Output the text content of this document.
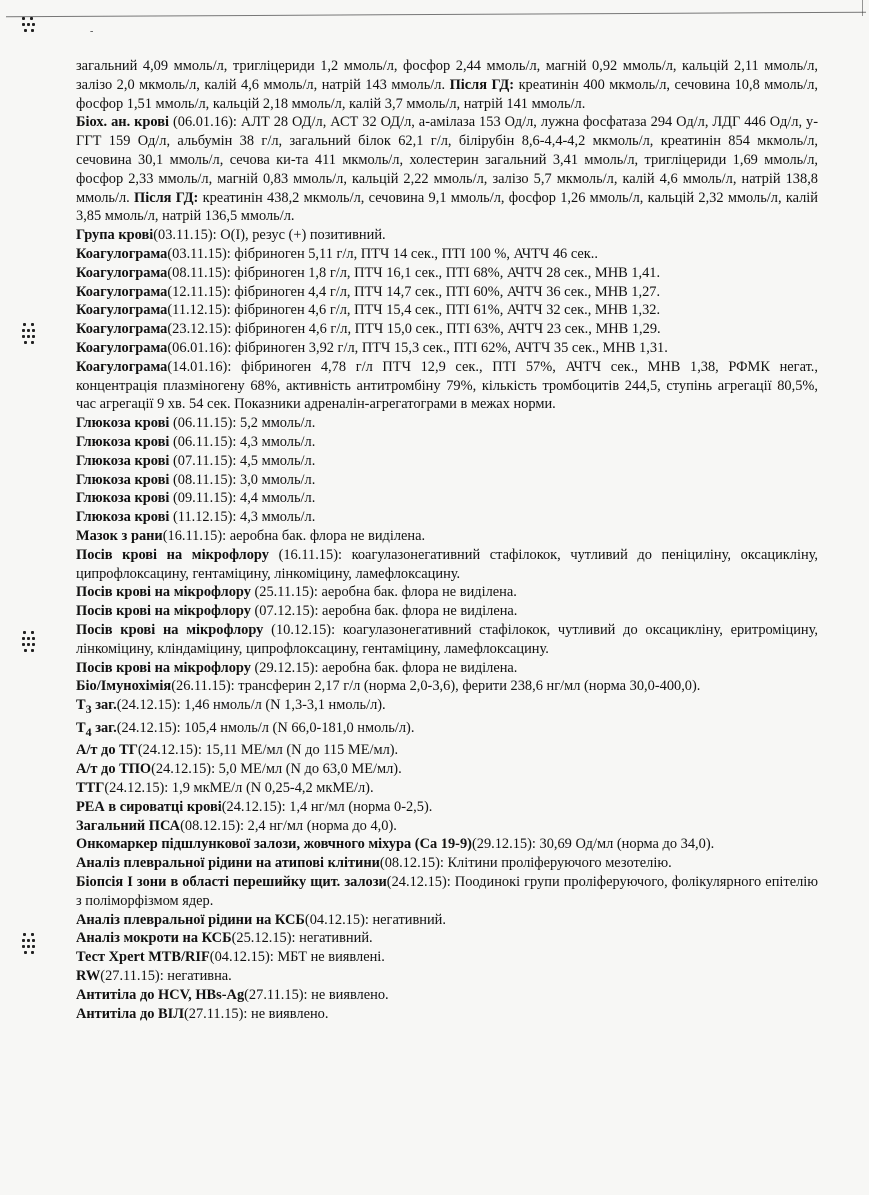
-

загальний 4,09 ммоль/л, тригліцериди 1,2 ммоль/л, фосфор 2,44 ммоль/л, магній 0,92 ммоль/л, кальцій 2,11 ммоль/л, залізо 2,0 мкмоль/л, калій 4,6 ммоль/л, натрій 143 ммоль/л. Після ГД: креатинін 400 мкмоль/л, сечовина 10,8 ммоль/л, фосфор 1,51 ммоль/л, кальцій 2,18 ммоль/л, калій 3,7 ммоль/л, натрій 141 ммоль/л.

Біох. ан. крові (06.01.16): АЛТ 28 ОД/л, АСТ 32 ОД/л, а-амілаза 153 Од/л, лужна фосфатаза 294 Од/л, ЛДГ 446 Од/л, у-ГГТ 159 Од/л, альбумін 38 г/л, загальний білок 62,1 г/л, білірубін 8,6-4,4-4,2 мкмоль/л, креатинін 854 мкмоль/л, сечовина 30,1 ммоль/л, сечова ки-та 411 мкмоль/л, холестерин загальний 3,41 ммоль/л, тригліцериди 1,69 ммоль/л, фосфор 2,33 ммоль/л, магній 0,83 ммоль/л, кальцій 2,22 ммоль/л, залізо 5,7 мкмоль/л, калій 4,6 ммоль/л, натрій 138,8 ммоль/л. Після ГД: креатинін 438,2 мкмоль/л, сечовина 9,1 ммоль/л, фосфор 1,26 ммоль/л, кальцій 2,32 ммоль/л, калій 3,85 ммоль/л, натрій 136,5 ммоль/л.

Група крові(03.11.15): O(I), резус (+) позитивний.

Коагулограма(03.11.15): фібриноген 5,11 г/л, ПТЧ 14 сек., ПТІ 100 %, АЧТЧ 46 сек..

Коагулограма(08.11.15): фібриноген 1,8 г/л, ПТЧ 16,1 сек., ПТІ 68%, АЧТЧ 28 сек., МНВ 1,41.

Коагулограма(12.11.15): фібриноген 4,4 г/л, ПТЧ 14,7 сек., ПТІ 60%, АЧТЧ 36 сек., МНВ 1,27.

Коагулограма(11.12.15): фібриноген 4,6 г/л, ПТЧ 15,4 сек., ПТІ 61%, АЧТЧ 32 сек., МНВ 1,32.

Коагулограма(23.12.15): фібриноген 4,6 г/л, ПТЧ 15,0 сек., ПТІ 63%, АЧТЧ 23 сек., МНВ 1,29.

Коагулограма(06.01.16): фібриноген 3,92 г/л, ПТЧ 15,3 сек., ПТІ 62%, АЧТЧ 35 сек., МНВ 1,31.

Коагулограма(14.01.16): фібриноген 4,78 г/л ПТЧ 12,9 сек., ПТІ 57%, АЧТЧ сек., МНВ 1,38, РФМК негат., концентрація плазміногену 68%, активність антитромбіну 79%, кількість тромбоцитів 244,5, ступінь агрегації 80,5%, час агрегації 9 хв. 54 сек. Показники адреналін-агрегатограми в межах норми.

Глюкоза крові (06.11.15): 5,2 ммоль/л.

Глюкоза крові (06.11.15): 4,3 ммоль/л.

Глюкоза крові (07.11.15): 4,5 ммоль/л.

Глюкоза крові (08.11.15): 3,0 ммоль/л.

Глюкоза крові (09.11.15): 4,4 ммоль/л.

Глюкоза крові (11.12.15): 4,3 ммоль/л.

Мазок з рани(16.11.15): аеробна бак. флора не виділена.

Посів крові на мікрофлору (16.11.15): коагулазонегативний стафілокок, чутливий до пеніциліну, оксацикліну, ципрофлоксацину, гентаміцину, лінкоміцину, ламефлоксацину.

Посів крові на мікрофлору (25.11.15): аеробна бак. флора не виділена.

Посів крові на мікрофлору (07.12.15): аеробна бак. флора не виділена.

Посів крові на мікрофлору (10.12.15): коагулазонегативний стафілокок, чутливий до оксацикліну, еритроміцину, лінкоміцину, кліндаміцину, ципрофлоксацину, гентаміцину, ламефлоксацину.

Посів крові на мікрофлору (29.12.15): аеробна бак. флора не виділена.

Біо/Імунохімія(26.11.15): трансферин 2,17 г/л (норма 2,0-3,6), ферити 238,6 нг/мл (норма 30,0-400,0).

$Т_3$ заг.(24.12.15): 1,46 нмоль/л (N 1,3-3,1 нмоль/л).

$Т_4$ заг.(24.12.15): 105,4 нмоль/л (N 66,0-181,0 нмоль/л).

А/т до ТГ(24.12.15): 15,11 МЕ/мл (N до 115 МЕ/мл).

А/т до ТПО(24.12.15): 5,0 МЕ/мл (N до 63,0 МЕ/мл).

ТТГ(24.12.15): 1,9 мкМЕ/л (N 0,25-4,2 мкМЕ/л).

РЕА в сироватці крові(24.12.15): 1,4 нг/мл (норма 0-2,5).

Загальний ПСА(08.12.15): 2,4 нг/мл (норма до 4,0).

Онкомаркер підшлункової залози, жовчного міхура (Са 19-9)(29.12.15): 30,69 Од/мл (норма до 34,0).

Аналіз плевральної рідини на атипові клітини(08.12.15): Клітини проліферуючого мезотелію.

Біопсія І зони в області перешийку щит. залози(24.12.15): Поодинокі групи проліферуючого, фолікулярного епітелію з поліморфізмом ядер.

Аналіз плевральної рідини на КСБ(04.12.15): негативний.

Аналіз мокроти на КСБ(25.12.15): негативний.

Тест Xpert MTB/RIF(04.12.15): МБТ не виявлені.

RW(27.11.15): негативна.

Антитіла до HCV, HBs-Ag(27.11.15): не виявлено.

Антитіла до ВІЛ(27.11.15): не виявлено.
